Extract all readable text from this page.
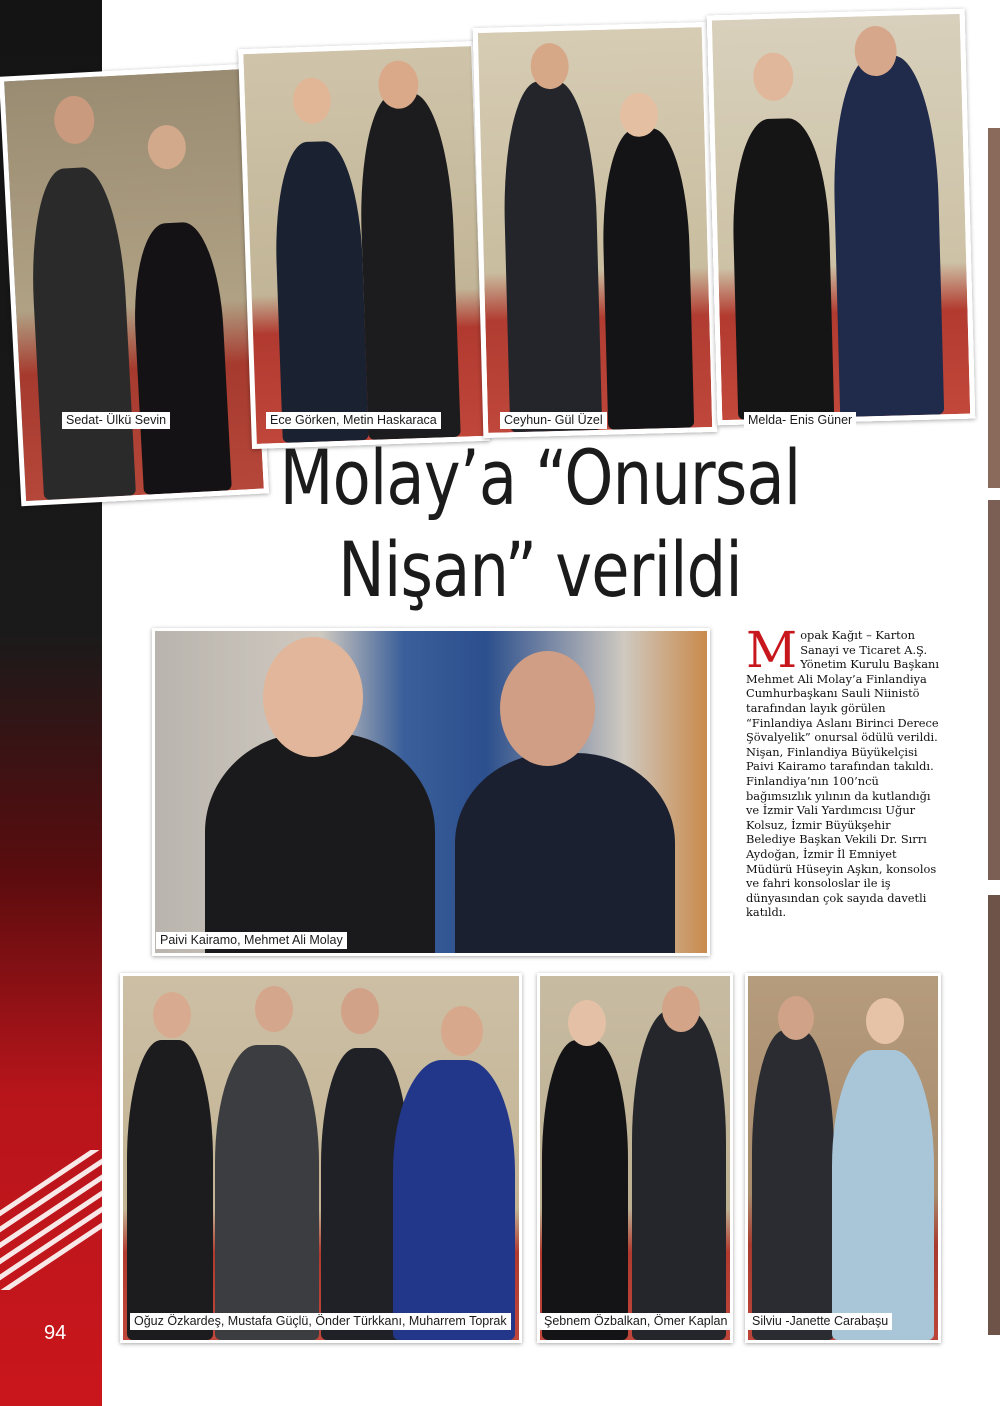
94
Sedat- Ülkü Sevin	Ece Görken, Metin Haskaraca	Ceyhun- Gül Üzel	Melda- Enis Güner
Molay’a “Onursal
Nişan” verildi
Paivi Kairamo, Mehmet Ali Molay
Mopak Kağıt – Karton Sanayi ve Ticaret A.Ş. Yönetim Kurulu Başkanı Mehmet Ali Molay’a Finlandiya Cumhurbaşkanı Sauli Niinistö tarafından layık görülen “Finlandiya Aslanı Birinci Derece Şövalyelik” onursal ödülü verildi. Nişan, Finlandiya Büyükelçisi Paivi Kairamo tarafından takıldı. Finlandiya’nın 100’ncü bağımsızlık yılının da kutlandığı ve İzmir Vali Yardımcısı Uğur Kolsuz, İzmir Büyükşehir Belediye Başkan Vekili Dr. Sırrı Aydoğan, İzmir İl Emniyet Müdürü Hüseyin Aşkın, konsolos ve fahri konsoloslar ile iş dünyasından çok sayıda davetli katıldı.
Oğuz Özkardeş, Mustafa Güçlü, Önder Türkkanı, Muharrem Toprak	Şebnem Özbalkan, Ömer Kaplan	Silviu -Janette Carabaşu
